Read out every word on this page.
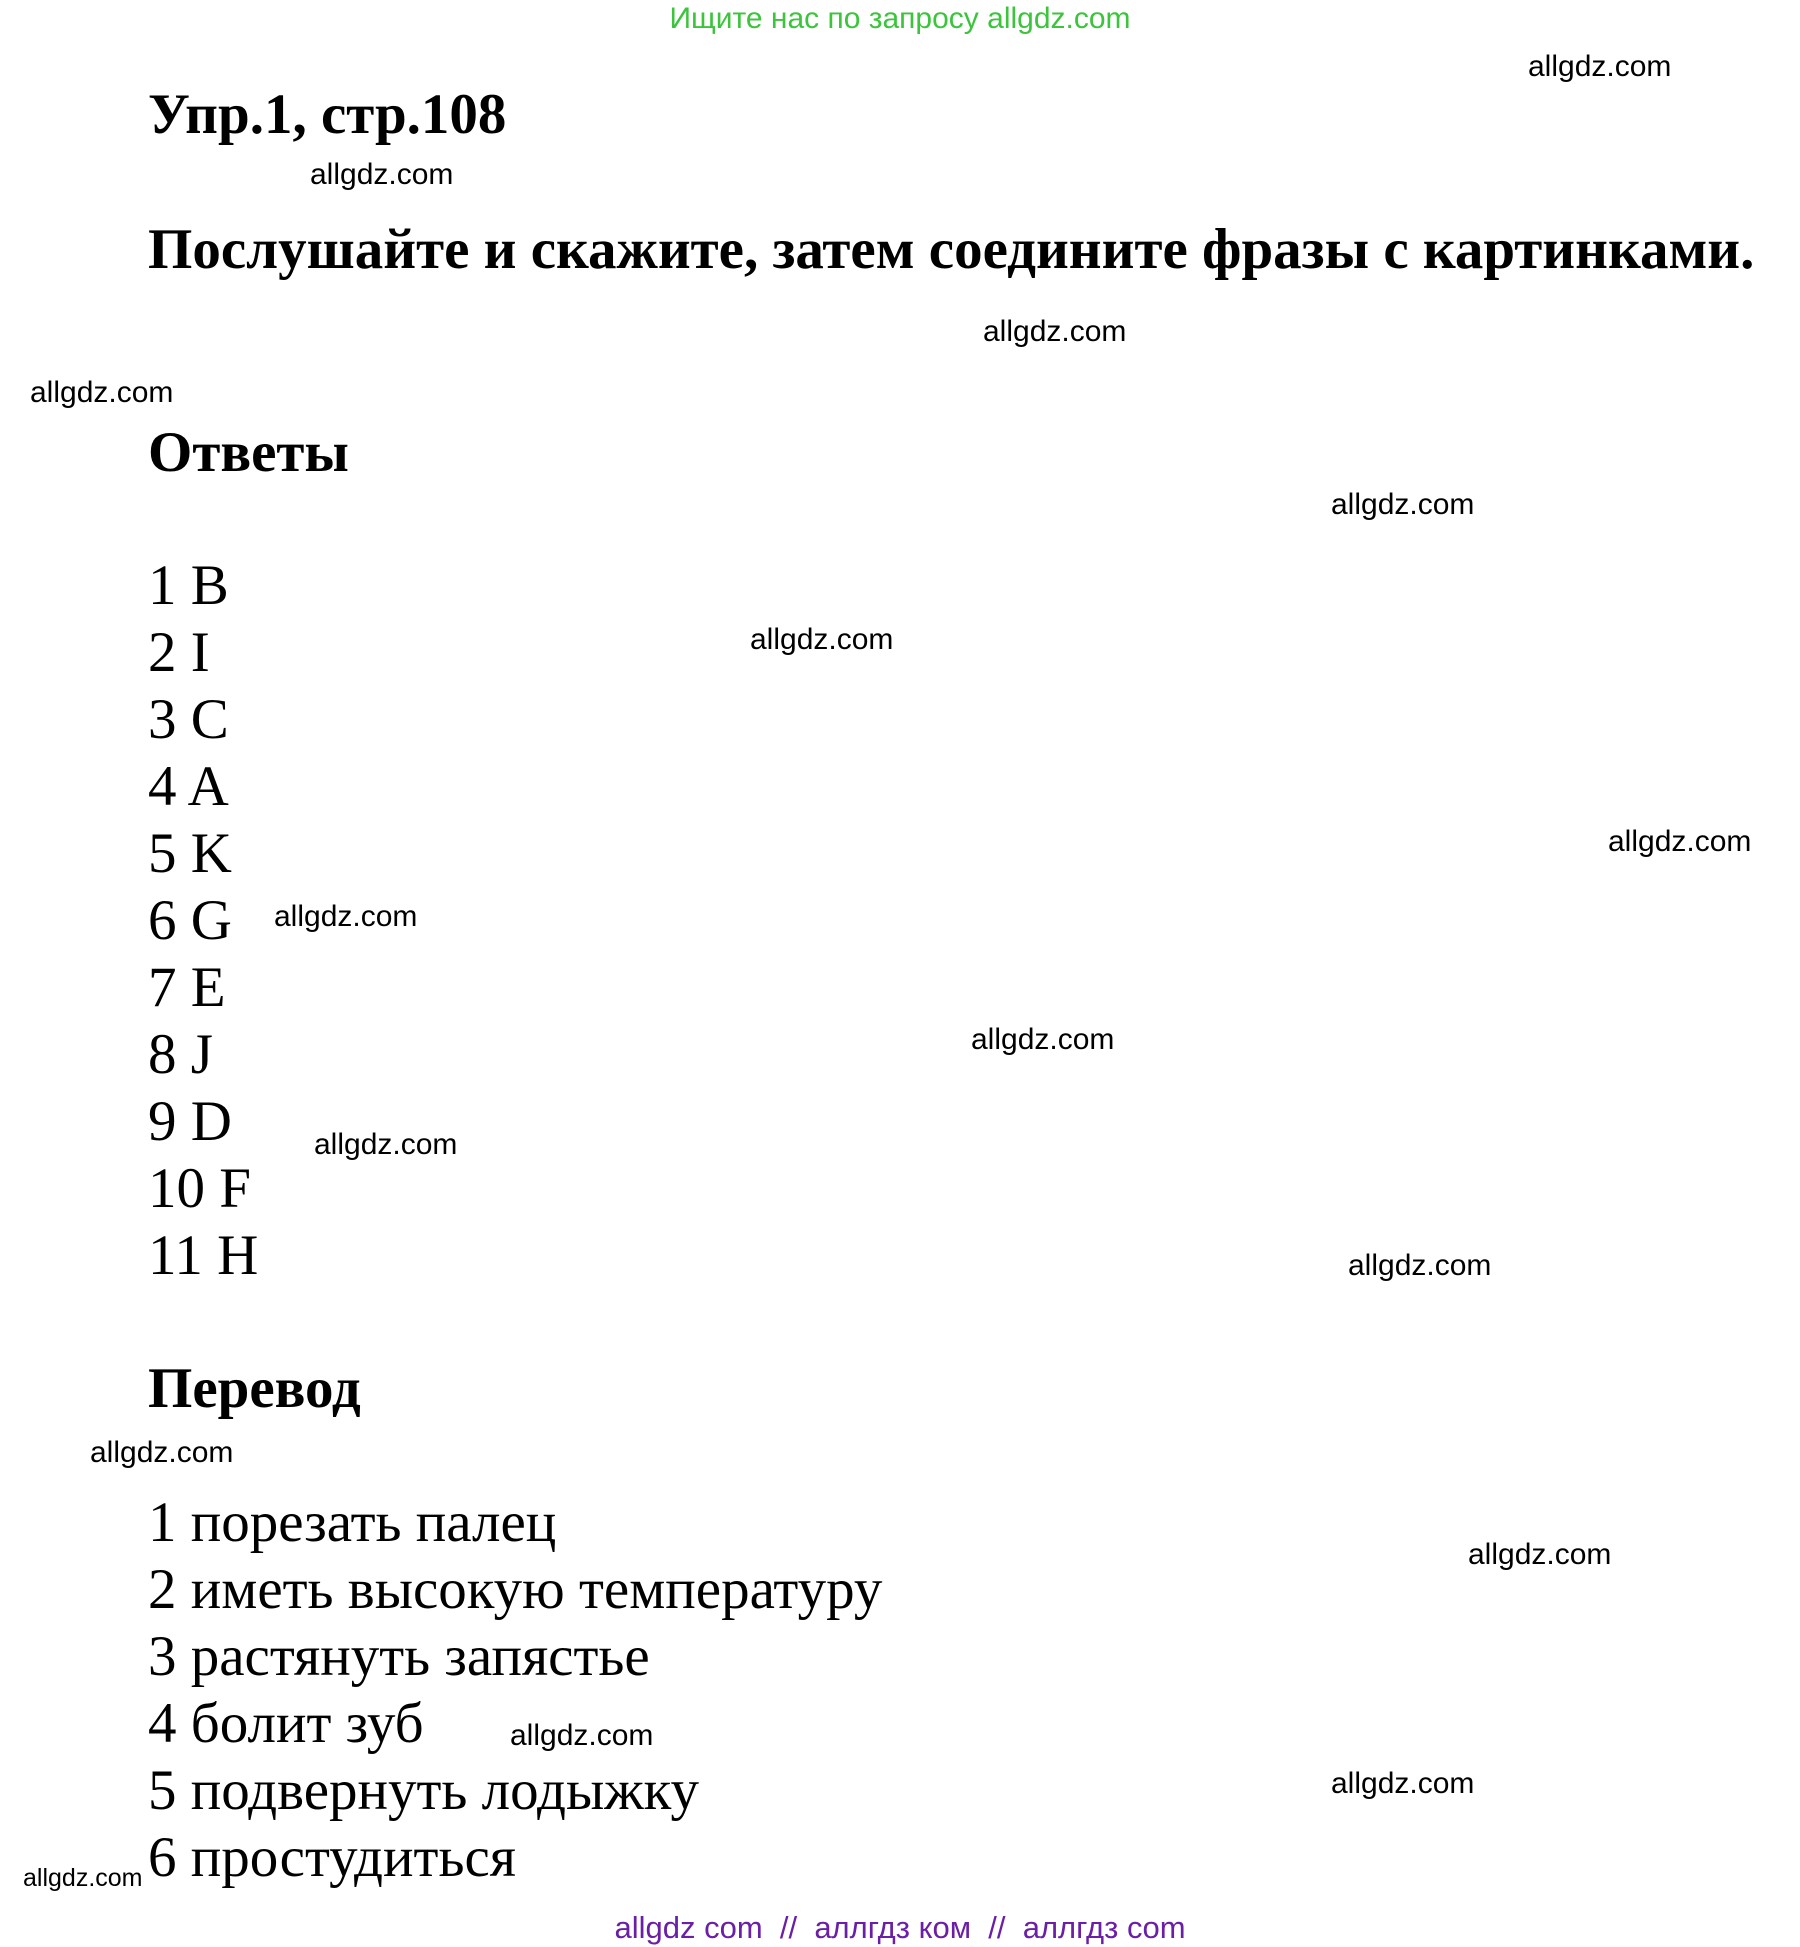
Ищите нас по запросу allgdz.com
Упр.1, стр.108
Послушайте и скажите, затем соедините фразы с картинками.
Ответы
1 B
2 I
3 C
4 A
5 K
6 G
7 E
8 J
9 D
10 F
11 H
Перевод
1 порезать палец
2 иметь высокую температуру
3 растянуть запястье
4 болит зуб
5 подвернуть лодыжку
6 простудиться
allgdz.com
allgdz.com
allgdz.com
allgdz.com
allgdz.com
allgdz.com
allgdz.com
allgdz.com
allgdz.com
allgdz.com
allgdz.com
allgdz.com
allgdz.com
allgdz.com
allgdz.com
allgdz.com
allgdz com  //  аллгдз ком  //  аллгдз com
